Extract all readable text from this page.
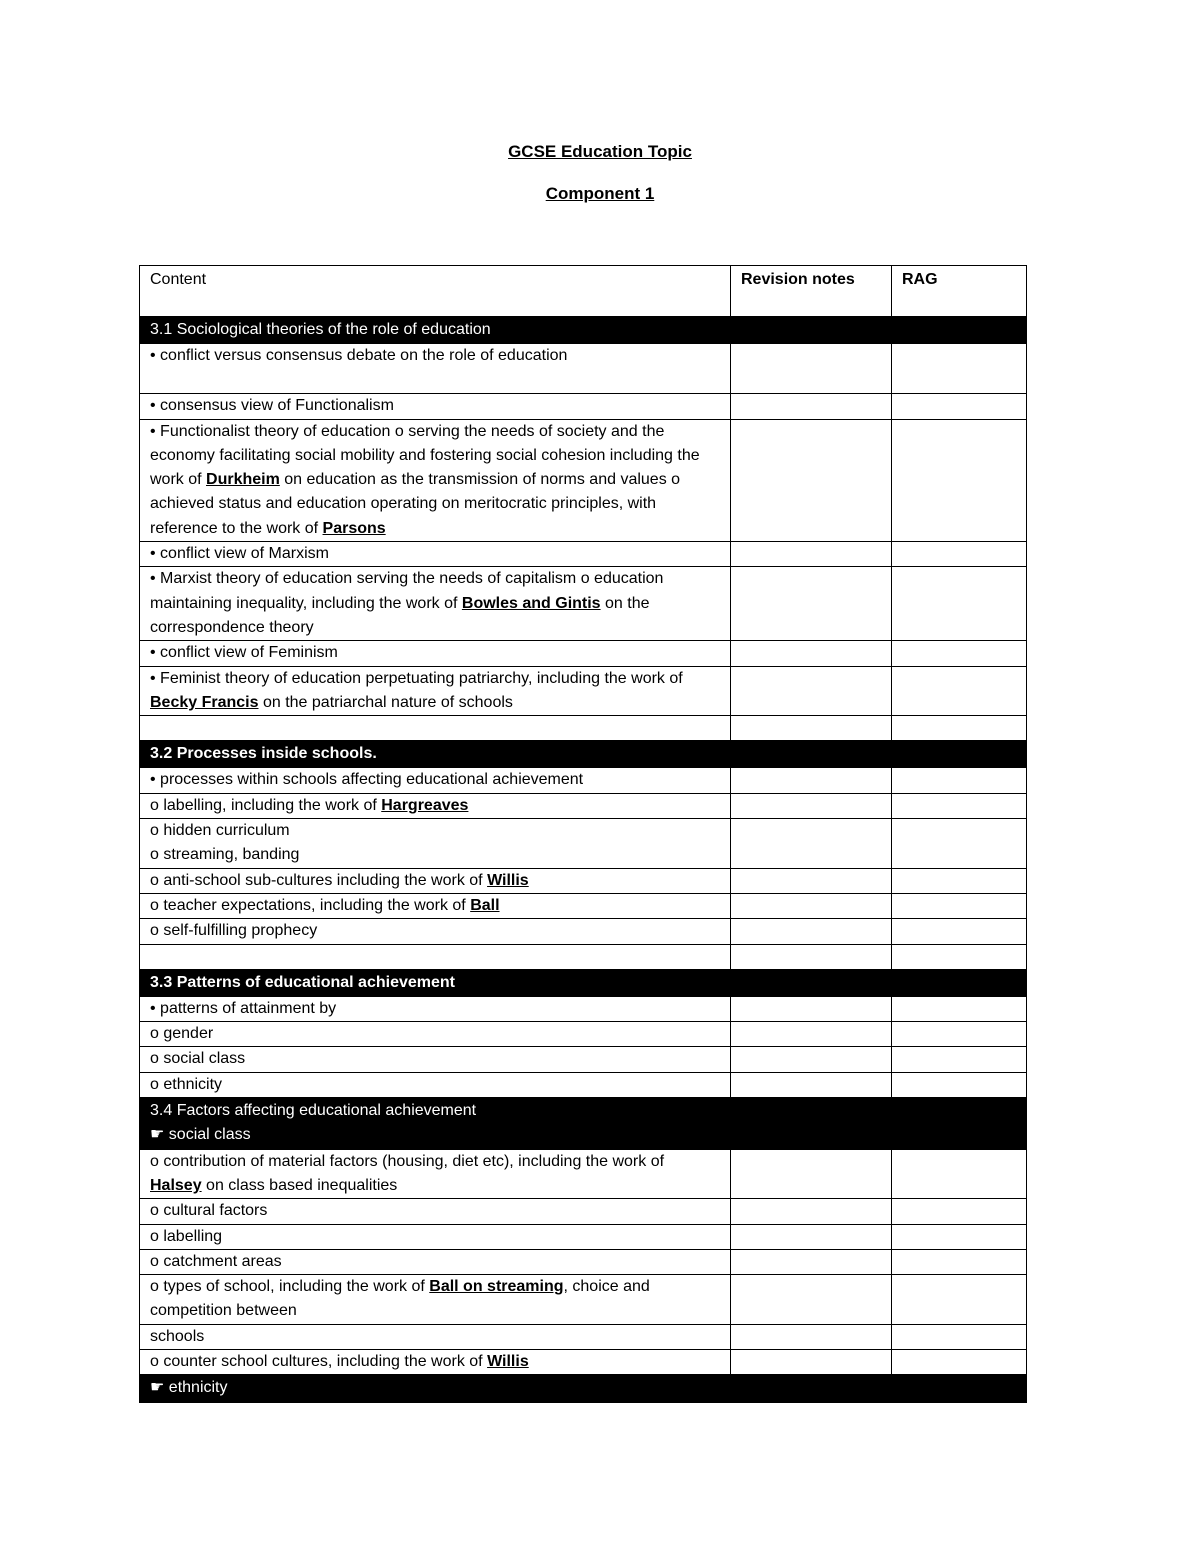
GCSE Education Topic
Component 1
Content	Revision notes	RAG
3.1 Sociological theories of the role of education		
• conflict versus consensus debate on the role of education		
• consensus view of Functionalism		
• Functionalist theory of education o serving the needs of society and the economy facilitating social mobility and fostering social cohesion including the work of Durkheim on education as the transmission of norms and values o achieved status and education operating on meritocratic principles, with reference to the work of Parsons		
• conflict view of Marxism		
• Marxist theory of education serving the needs of capitalism o education maintaining inequality, including the work of Bowles and Gintis on the correspondence theory		
• conflict view of Feminism		
• Feminist theory of education perpetuating patriarchy, including the work of Becky Francis on the patriarchal nature of schools		

3.2 Processes inside schools.		
• processes within schools affecting educational achievement		
o labelling, including the work of Hargreaves		

o hidden curriculum
o streaming, banding		

o anti-school sub-cultures including the work of Willis		
o teacher expectations, including the work of Ball		
o self-fulfilling prophecy		

3.3 Patterns of educational achievement		
• patterns of attainment by		
o gender		
o social class		
o ethnicity		

3.4 Factors affecting educational achievement
☛ social class		

o contribution of material factors (housing, diet etc), including the work of Halsey on class based inequalities		
o cultural factors		
o labelling		
o catchment areas		
o types of school, including the work of Ball on streaming, choice and competition between		
schools		
o counter school cultures, including the work of Willis		
☛ ethnicity		
